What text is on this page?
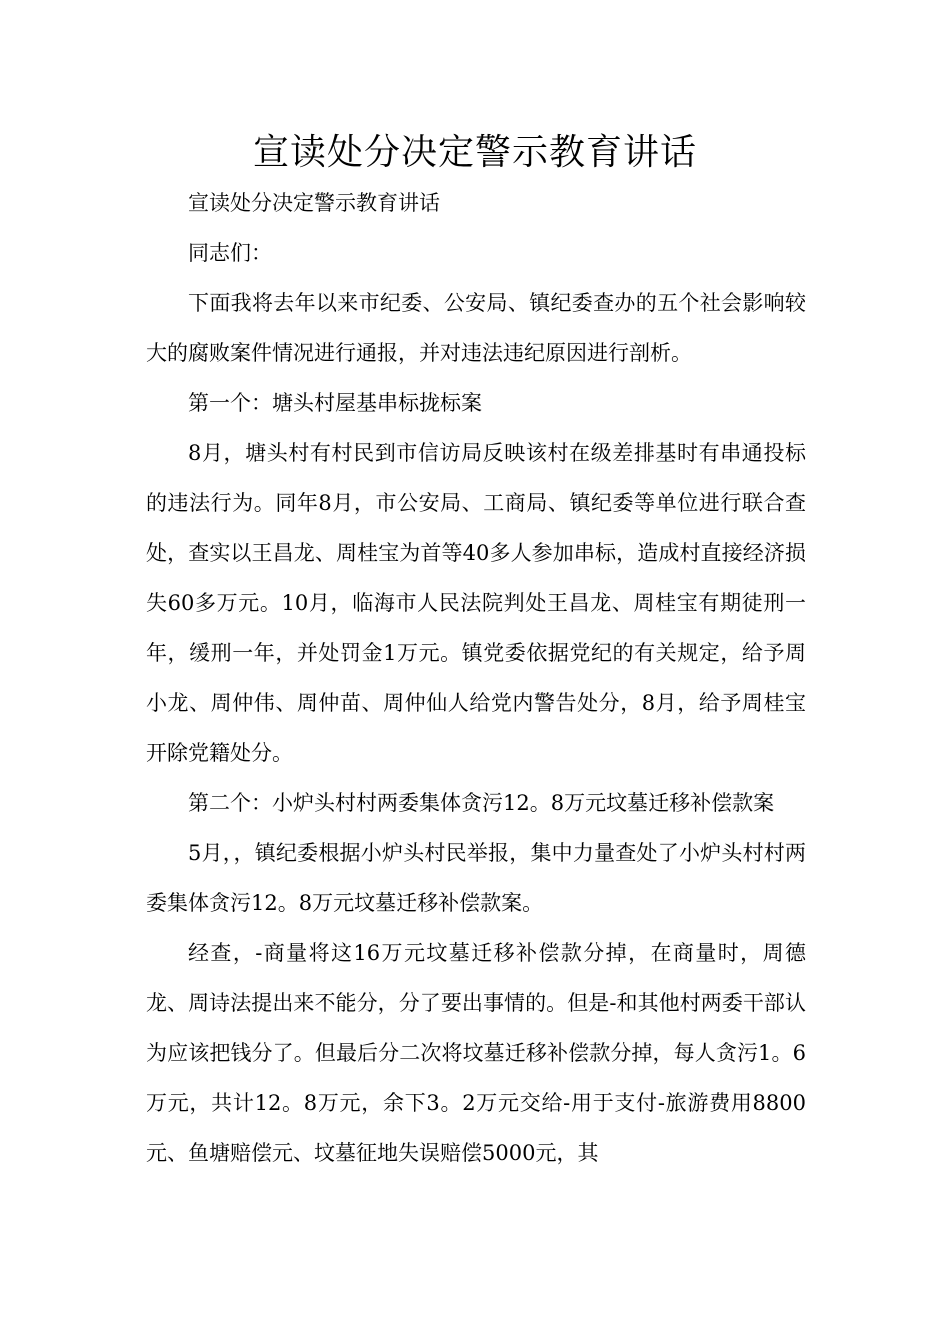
宣读处分决定警示教育讲话

宣读处分决定警示教育讲话

同志们：

下面我将去年以来市纪委、公安局、镇纪委查办的五个社会影响较大的腐败案件情况进行通报，并对违法违纪原因进行剖析。

第一个：塘头村屋基串标拢标案

8月，塘头村有村民到市信访局反映该村在级差排基时有串通投标的违法行为。同年8月，市公安局、工商局、镇纪委等单位进行联合查处，查实以王昌龙、周桂宝为首等40多人参加串标，造成村直接经济损失60多万元。10月，临海市人民法院判处王昌龙、周桂宝有期徒刑一年，缓刑一年，并处罚金1万元。镇党委依据党纪的有关规定，给予周小龙、周仲伟、周仲苗、周仲仙人给党内警告处分，8月，给予周桂宝开除党籍处分。

第二个：小炉头村村两委集体贪污12。8万元坟墓迁移补偿款案

5月，，镇纪委根据小炉头村民举报，集中力量查处了小炉头村村两委集体贪污12。8万元坟墓迁移补偿款案。

经查，-商量将这16万元坟墓迁移补偿款分掉，在商量时，周德龙、周诗法提出来不能分，分了要出事情的。但是-和其他村两委干部认为应该把钱分了。但最后分二次将坟墓迁移补偿款分掉，每人贪污1。6万元，共计12。8万元，余下3。2万元交给-用于支付-旅游费用8800元、鱼塘赔偿元、坟墓征地失误赔偿5000元，其
